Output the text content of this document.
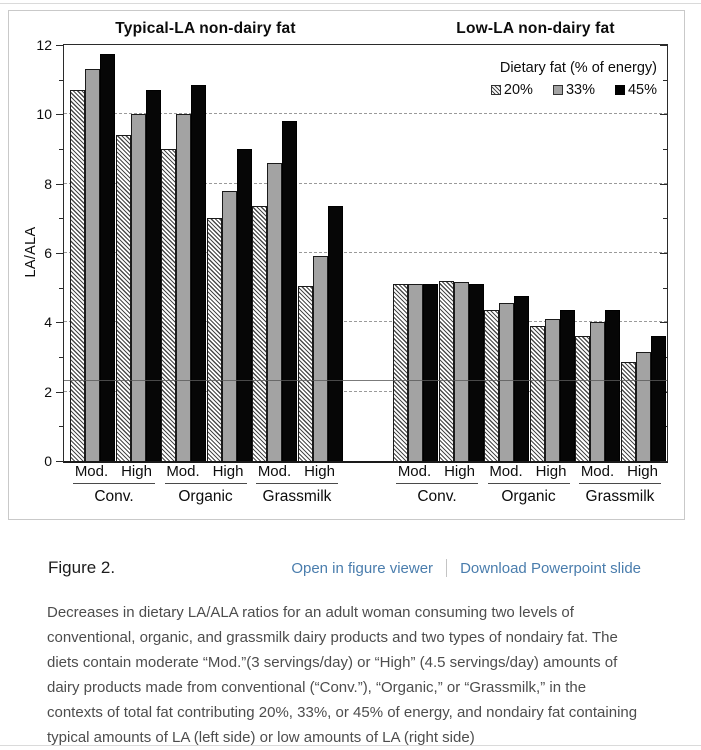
Typical-LA non-dairy fat	Low-LA non-dairy fat
Dietary fat (% of energy)
20% 33% 45%
0
2
4
6
8
10
12
LA/ALA
Mod. High
Conv.
Mod. High
Organic
Mod. High
Grassmilk
Mod. High
Conv.
Mod. High
Organic
Mod. High
Grassmilk
Figure 2.	Open in figure viewer Download Powerpoint slide

Decreases in dietary LA/ALA ratios for an adult woman consuming two levels of conventional, organic, and grassmilk dairy products and two types of nondairy fat. The diets contain moderate “Mod.”(3 servings/day) or “High” (4.5 servings/day) amounts of dairy products made from conventional (“Conv.”), “Organic,” or “Grassmilk,” in the contexts of total fat contributing 20%, 33%, or 45% of energy, and nondairy fat containing typical amounts of LA (left side) or low amounts of LA (right side)
